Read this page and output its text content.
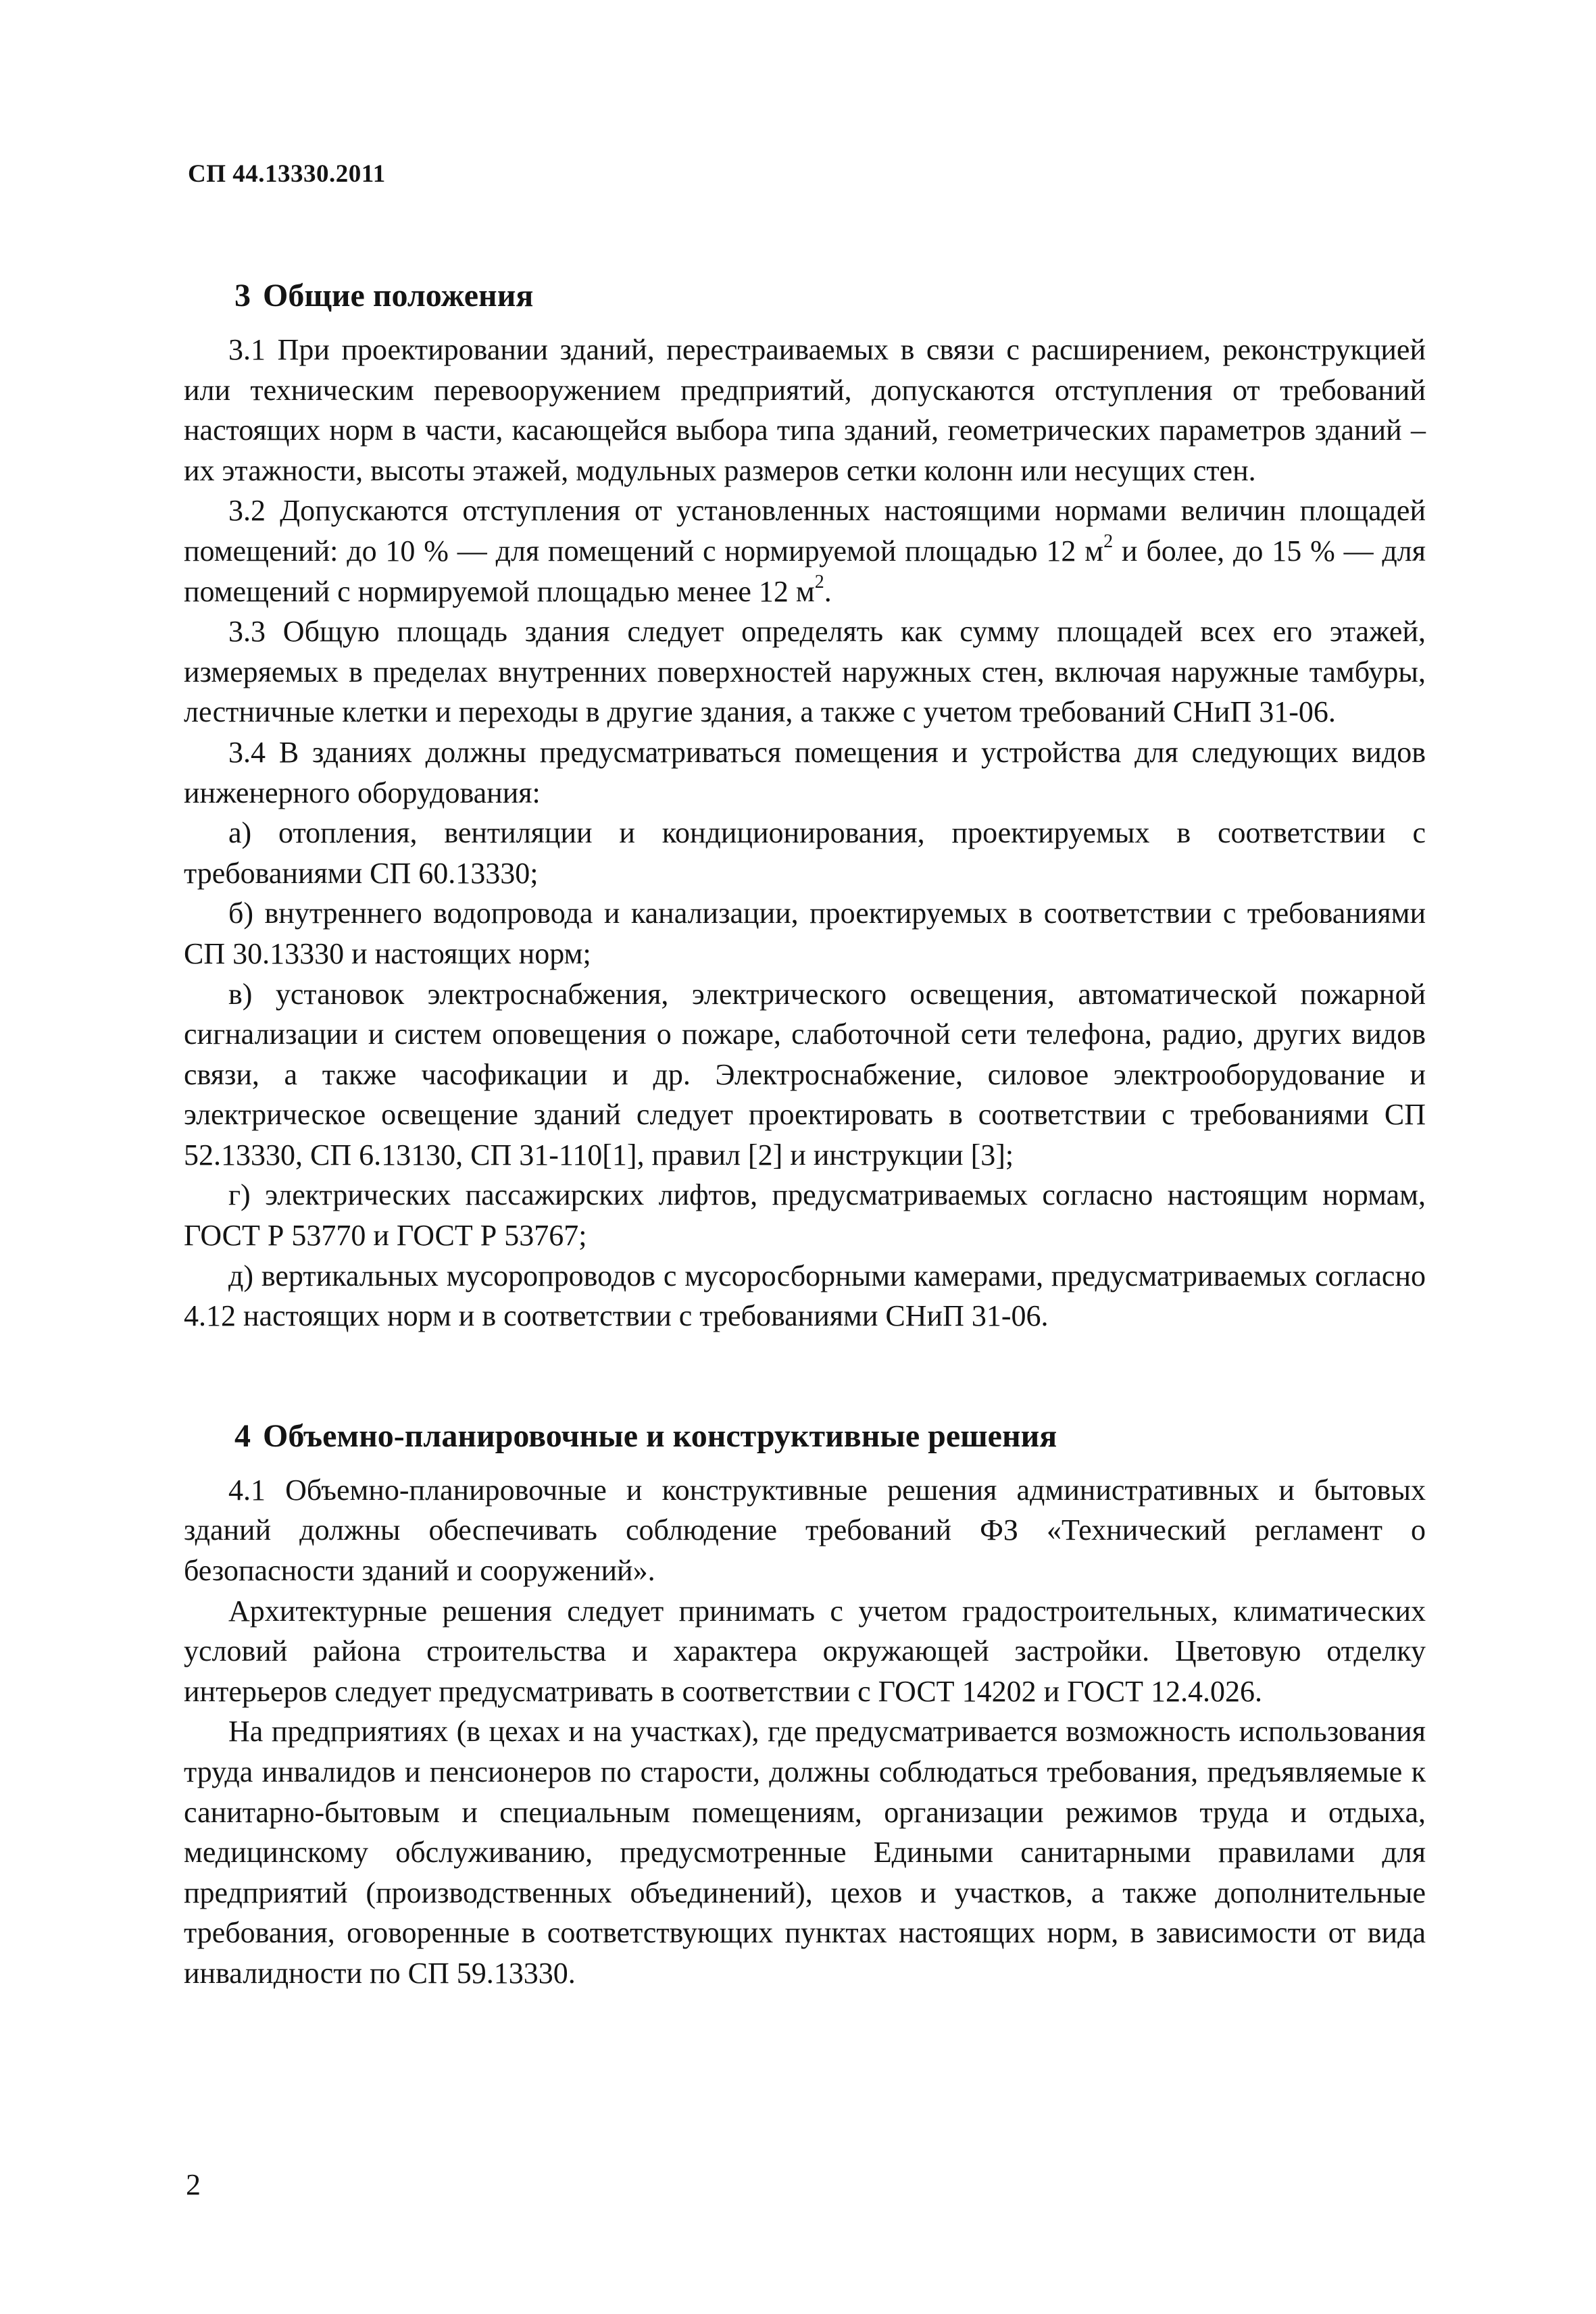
СП 44.13330.2011
3 Общие положения

3.1 При проектировании зданий, перестраиваемых в связи с расширением, реконструкцией или техническим перевооружением предприятий, допускаются отступления от требований настоящих норм в части, касающейся выбора типа зданий, геометрических параметров зданий – их этажности, высоты этажей, модульных размеров сетки колонн или несущих стен.

3.2 Допускаются отступления от установленных настоящими нормами величин площадей помещений: до 10 % — для помещений с нормируемой площадью 12 $м^2$ и более, до 15 % — для помещений с нормируемой площадью менее 12 $м^2$.

3.3 Общую площадь здания следует определять как сумму площадей всех его этажей, измеряемых в пределах внутренних поверхностей наружных стен, включая наружные тамбуры, лестничные клетки и переходы в другие здания, а также с учетом требований СНиП 31-06.

3.4 В зданиях должны предусматриваться помещения и устройства для следующих видов инженерного оборудования:

а) отопления, вентиляции и кондиционирования, проектируемых в соответствии с требованиями СП 60.13330;

б) внутреннего водопровода и канализации, проектируемых в соответствии с требованиями СП 30.13330 и настоящих норм;

в) установок электроснабжения, электрического освещения, автоматической пожарной сигнализации и систем оповещения о пожаре, слаботочной сети телефона, радио, других видов связи, а также часофикации и др. Электроснабжение, силовое электрооборудование и электрическое освещение зданий следует проектировать в соответствии с требованиями СП 52.13330, СП 6.13130, СП 31-110[1], правил [2] и инструкции [3];

г) электрических пассажирских лифтов, предусматриваемых согласно настоящим нормам, ГОСТ Р 53770 и ГОСТ Р 53767;

д) вертикальных мусоропроводов с мусоросборными камерами, предусматриваемых согласно 4.12 настоящих норм и в соответствии с требованиями СНиП 31-06.

4 Объемно-планировочные и конструктивные решения

4.1 Объемно-планировочные и конструктивные решения административных и бытовых зданий должны обеспечивать соблюдение требований ФЗ «Технический регламент о безопасности зданий и сооружений».

Архитектурные решения следует принимать с учетом градостроительных, климатических условий района строительства и характера окружающей застройки. Цветовую отделку интерьеров следует предусматривать в соответствии с ГОСТ 14202 и ГОСТ 12.4.026.

На предприятиях (в цехах и на участках), где предусматривается возможность использования труда инвалидов и пенсионеров по старости, должны соблюдаться требования, предъявляемые к санитарно-бытовым и специальным помещениям, организации режимов труда и отдыха, медицинскому обслуживанию, предусмотренные Едиными санитарными правилами для предприятий (производственных объединений), цехов и участков, а также дополнительные требования, оговоренные в соответствующих пунктах настоящих норм, в зависимости от вида инвалидности по СП 59.13330.

2
